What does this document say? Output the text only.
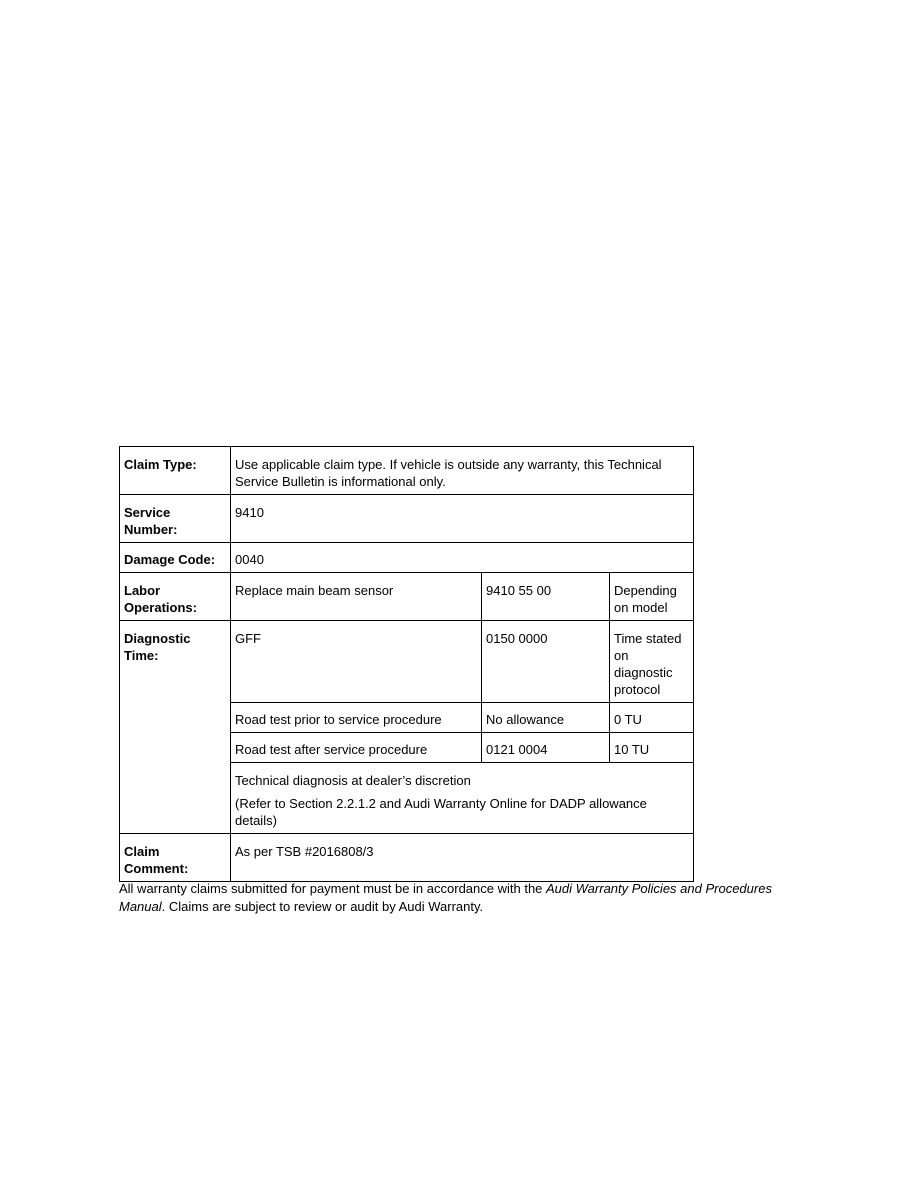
Claim Type:	Use applicable claim type. If vehicle is outside any warranty, this Technical Service Bulletin is informational only.		
Service Number:	9410		
Damage Code:	0040		
Labor Operations:	Replace main beam sensor	9410 55 00	Depending on model
Diagnostic Time:	GFF	0150 0000	Time stated on diagnostic protocol
	Road test prior to service procedure	No allowance	0 TU
	Road test after service procedure	0121 0004	10 TU

	Technical diagnosis at dealer’s discretion
(Refer to Section 2.2.1.2 and Audi Warranty Online for DADP allowance details)		

Claim Comment:	As per TSB #2016808/3		

All warranty claims submitted for payment must be in accordance with the Audi Warranty Policies and Procedures Manual. Claims are subject to review or audit by Audi Warranty.
